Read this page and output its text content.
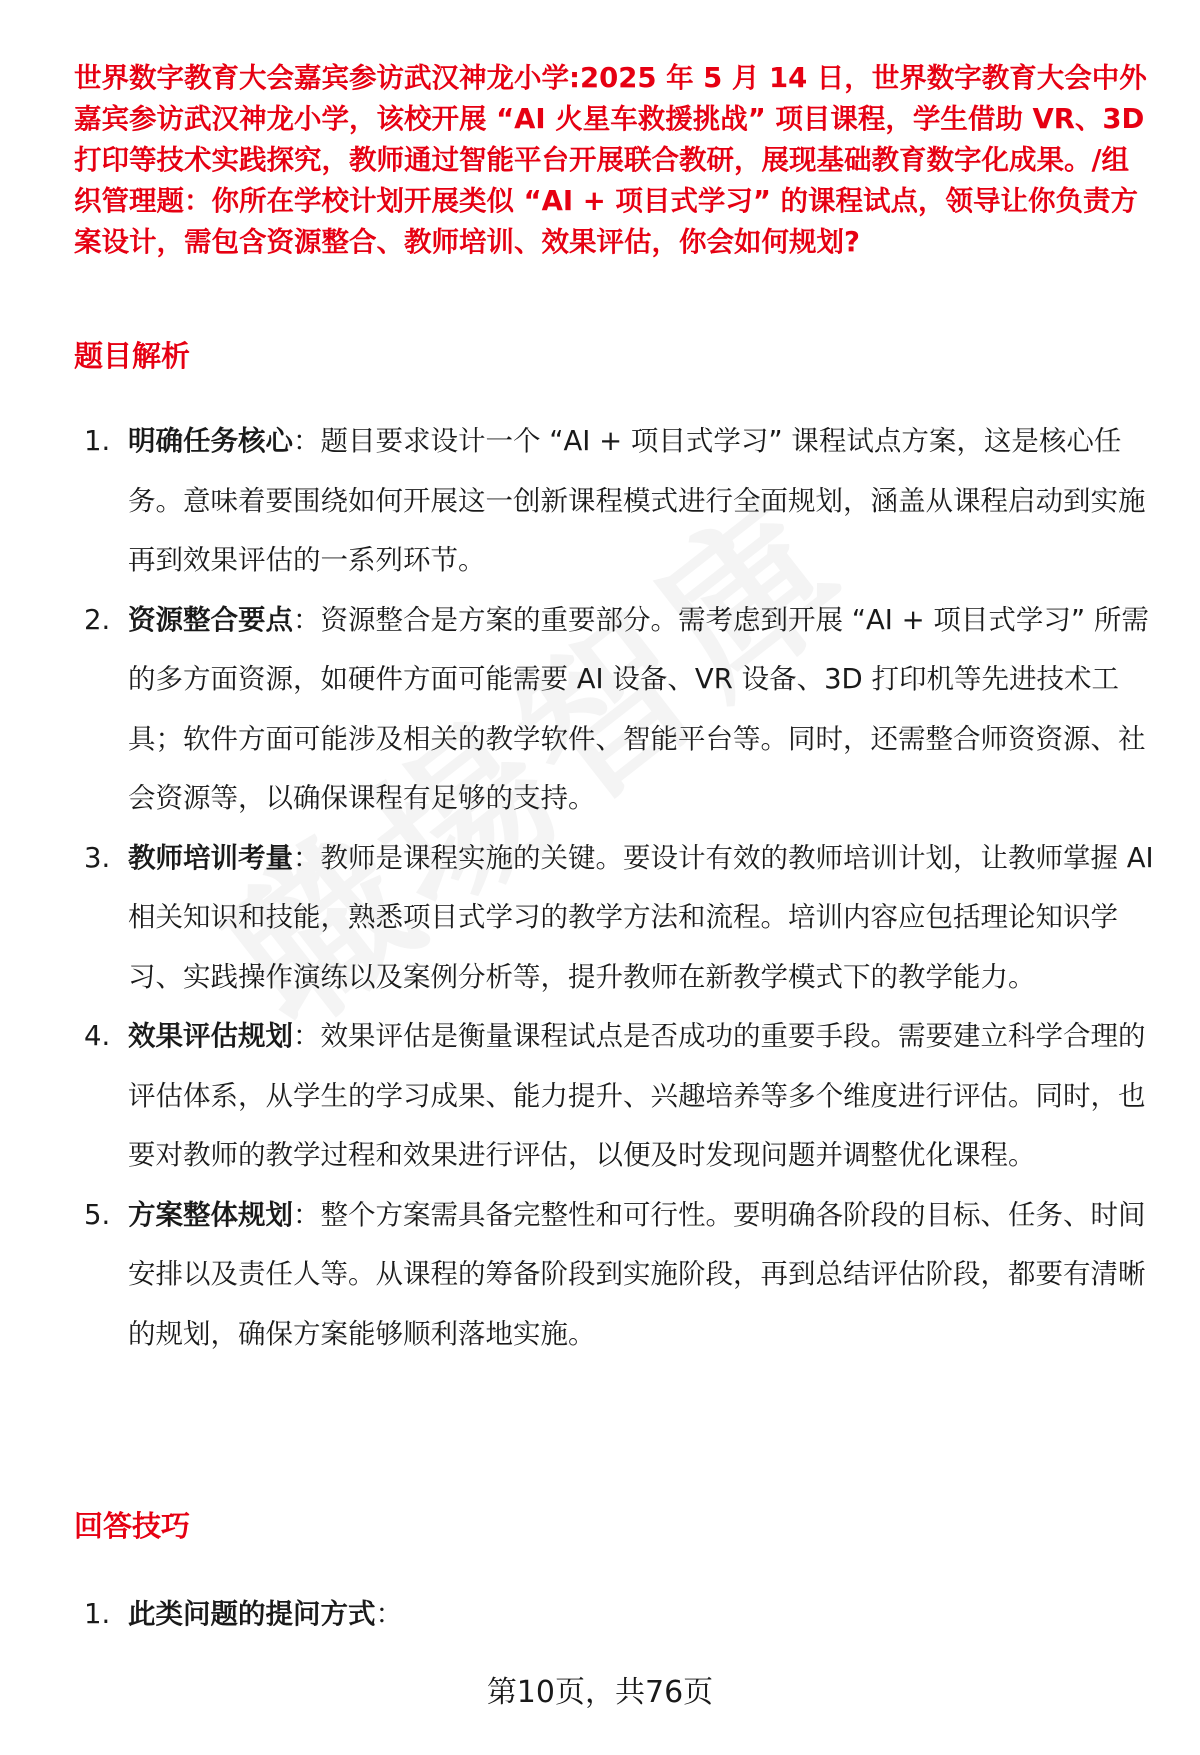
世界数字教育大会嘉宾参访武汉神龙小学:2025 年 5 月 14 日，世界数字教育大会中外嘉宾参访武汉神龙小学，该校开展 “AI 火星车救援挑战” 项目课程，学生借助 VR、3D 打印等技术实践探究，教师通过智能平台开展联合教研，展现基础教育数字化成果。/组织管理题：你所在学校计划开展类似 “AI + 项目式学习” 的课程试点，领导让你负责方案设计，需包含资源整合、教师培训、效果评估，你会如何规划?

题目解析
1. 明确任务核心：题目要求设计一个 “AI + 项目式学习” 课程试点方案，这是核心任务。意味着要围绕如何开展这一创新课程模式进行全面规划，涵盖从课程启动到实施再到效果评估的一系列环节。
2. 资源整合要点：资源整合是方案的重要部分。需考虑到开展 “AI + 项目式学习” 所需的多方面资源，如硬件方面可能需要 AI 设备、VR 设备、3D 打印机等先进技术工具；软件方面可能涉及相关的教学软件、智能平台等。同时，还需整合师资资源、社会资源等，以确保课程有足够的支持。
3. 教师培训考量：教师是课程实施的关键。要设计有效的教师培训计划，让教师掌握 AI 相关知识和技能，熟悉项目式学习的教学方法和流程。培训内容应包括理论知识学习、实践操作演练以及案例分析等，提升教师在新教学模式下的教学能力。
4. 效果评估规划：效果评估是衡量课程试点是否成功的重要手段。需要建立科学合理的评估体系，从学生的学习成果、能力提升、兴趣培养等多个维度进行评估。同时，也要对教师的教学过程和效果进行评估，以便及时发现问题并调整优化课程。
5. 方案整体规划：整个方案需具备完整性和可行性。要明确各阶段的目标、任务、时间安排以及责任人等。从课程的筹备阶段到实施阶段，再到总结评估阶段，都要有清晰的规划，确保方案能够顺利落地实施。
回答技巧
1. 此类问题的提问方式：
第10页，共76页
